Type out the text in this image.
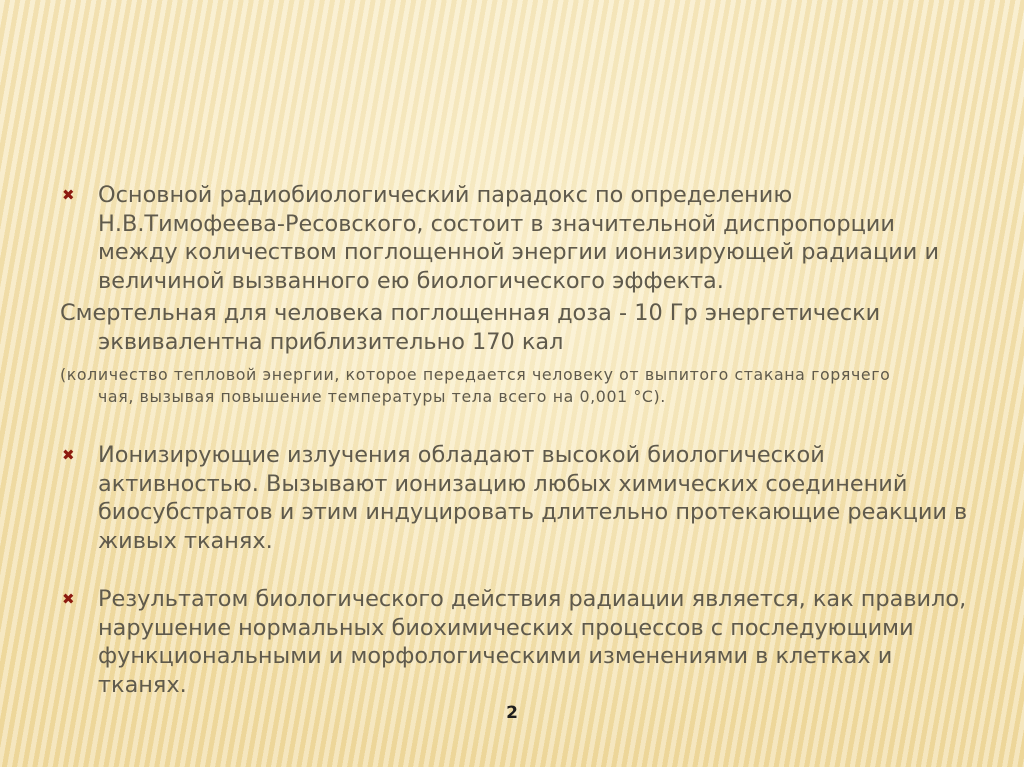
✖ Основной радиобиологический парадокс по определению Н.В.Тимофеева-Ресовского, состоит в значительной диспропорции между количеством поглощенной энергии ионизирующей радиации и величиной вызванного ею биологического эффекта.
Смертельная для человека поглощенная доза - 10 Гр энергетически
эквивалентна приблизительно 170 кал
(количество тепловой энергии, которое передается человеку от выпитого стакана горячего
чая, вызывая повышение температуры тела всего на 0,001 °С).
✖ Ионизирующие излучения обладают высокой биологической активностью. Вызывают ионизацию любых химических соединений биосубстратов и этим индуцировать длительно протекающие реакции в живых тканях.
✖ Результатом биологического действия радиации является, как правило, нарушение нормальных биохимических процессов с последующими функциональными и морфологическими изменениями в клетках и тканях.
2
